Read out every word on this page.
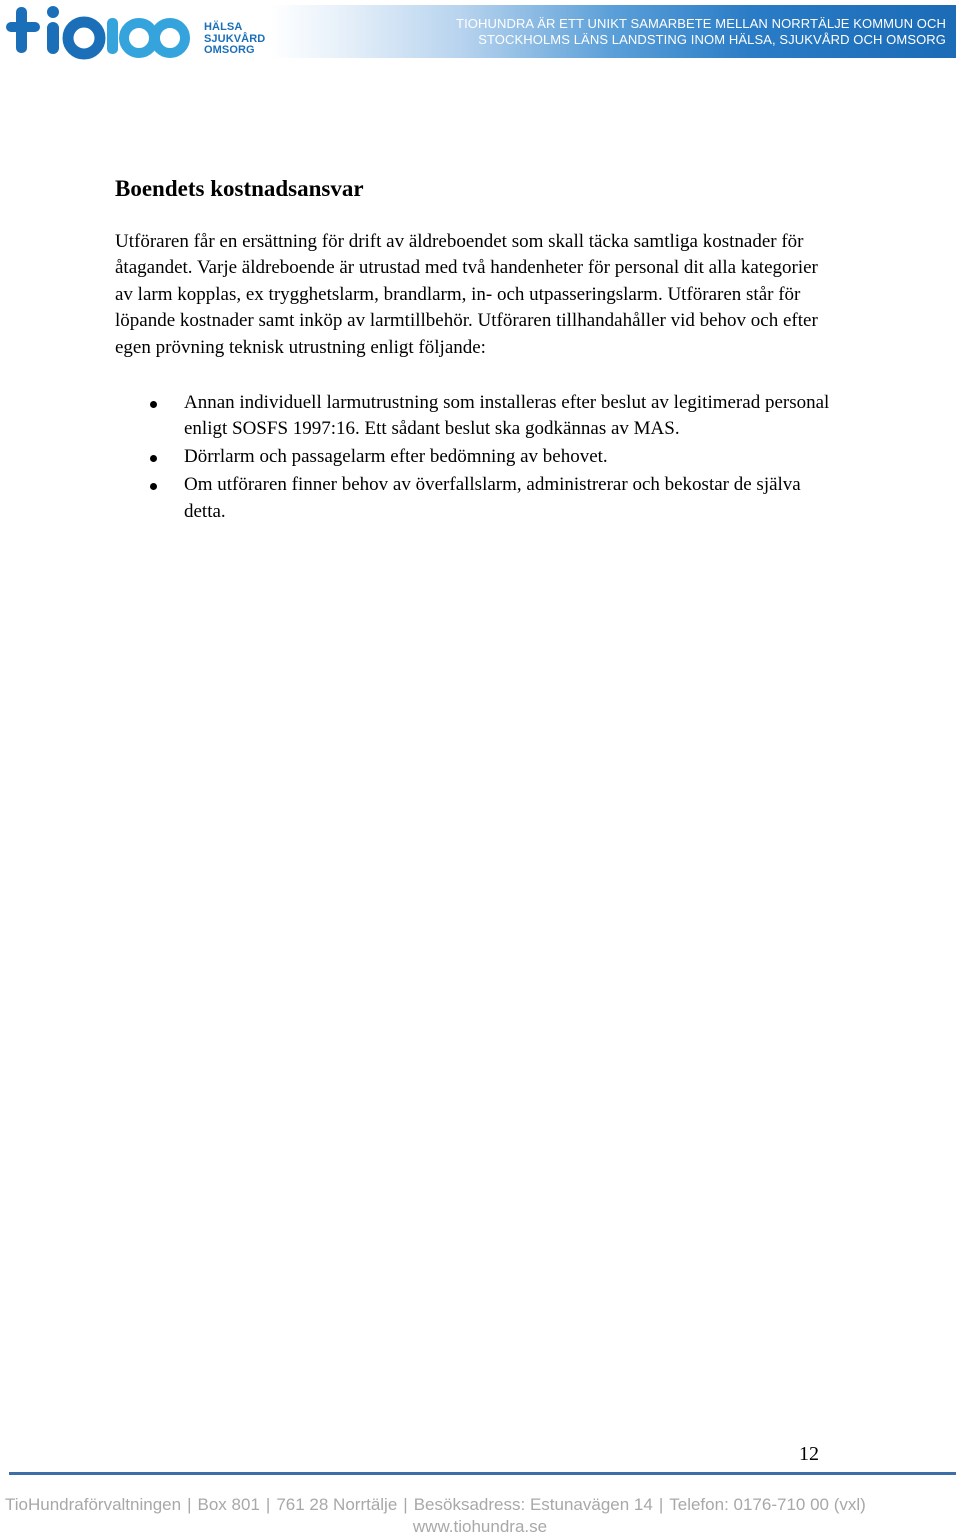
HÄLSA
SJUKVÅRD
OMSORG
TIOHUNDRA ÄR ETT UNIKT SAMARBETE MELLAN NORRTÄLJE KOMMUN OCH
STOCKHOLMS LÄNS LANDSTING INOM HÄLSA, SJUKVÅRD OCH OMSORG
Boendets kostnadsansvar

Utföraren får en ersättning för drift av äldreboendet som skall täcka samtliga kostnader för åtagandet. Varje äldreboende är utrustad med två handenheter för personal dit alla kategorier av larm kopplas, ex trygghetslarm, brandlarm, in- och utpasseringslarm. Utföraren står för löpande kostnader samt inköp av larmtillbehör. Utföraren tillhandahåller vid behov och efter egen prövning teknisk utrustning enligt följande:

Annan individuell larmutrustning som installeras efter beslut av legitimerad personal enligt SOSFS 1997:16. Ett sådant beslut ska godkännas av MAS.
Dörrlarm och passagelarm efter bedömning av behovet.
Om utföraren finner behov av överfallslarm, administrerar och bekostar de själva detta.
12
TioHundraförvaltningen | Box 801 | 761 28 Norrtälje | Besöksadress: Estunavägen 14 | Telefon: 0176-710 00 (vxl)
www.tiohundra.se
